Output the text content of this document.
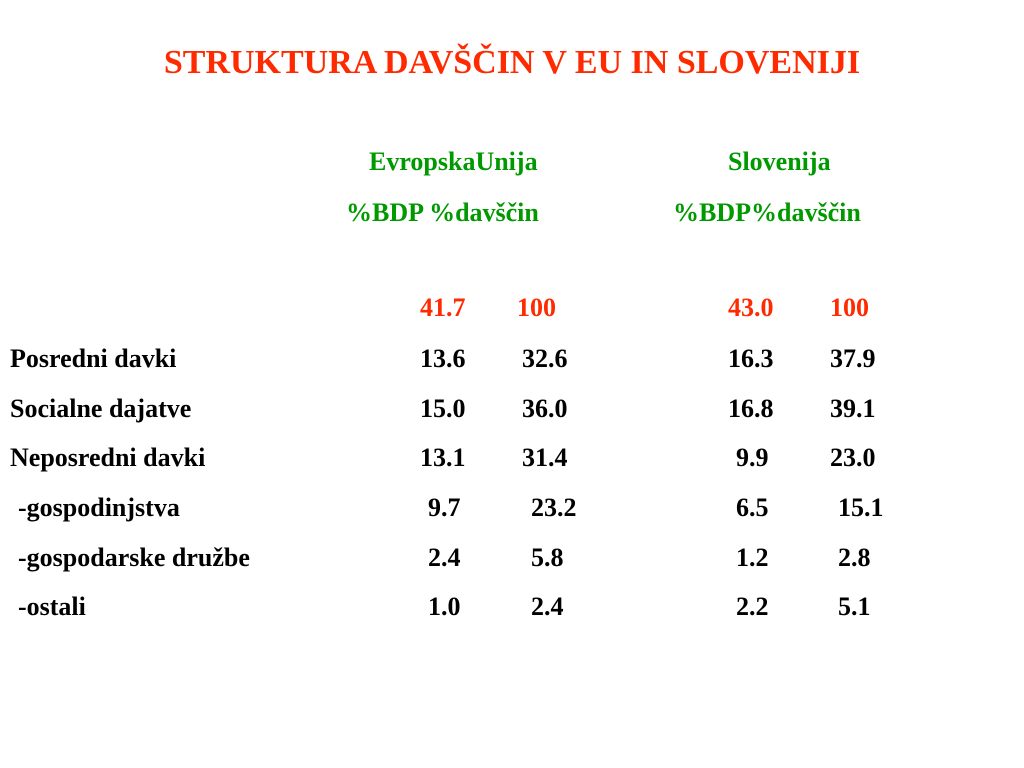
STRUKTURA DAVŠČIN V EU IN SLOVENIJI
EvropskaUnija	Slovenija
%BDP %davščin	%BDP%davščin
41.7 100	43.0 100
Posredni davki	13.6 32.6	16.3 37.9
Socialne dajatve	15.0 36.0	16.8 39.1
Neposredni davki	13.1 31.4	9.9 23.0
-gospodinjstva	9.7	23.2	6.5	15.1
-gospodarske družbe	2.4	5.8	1.2	2.8
-ostali	1.0	2.4	2.2	5.1
